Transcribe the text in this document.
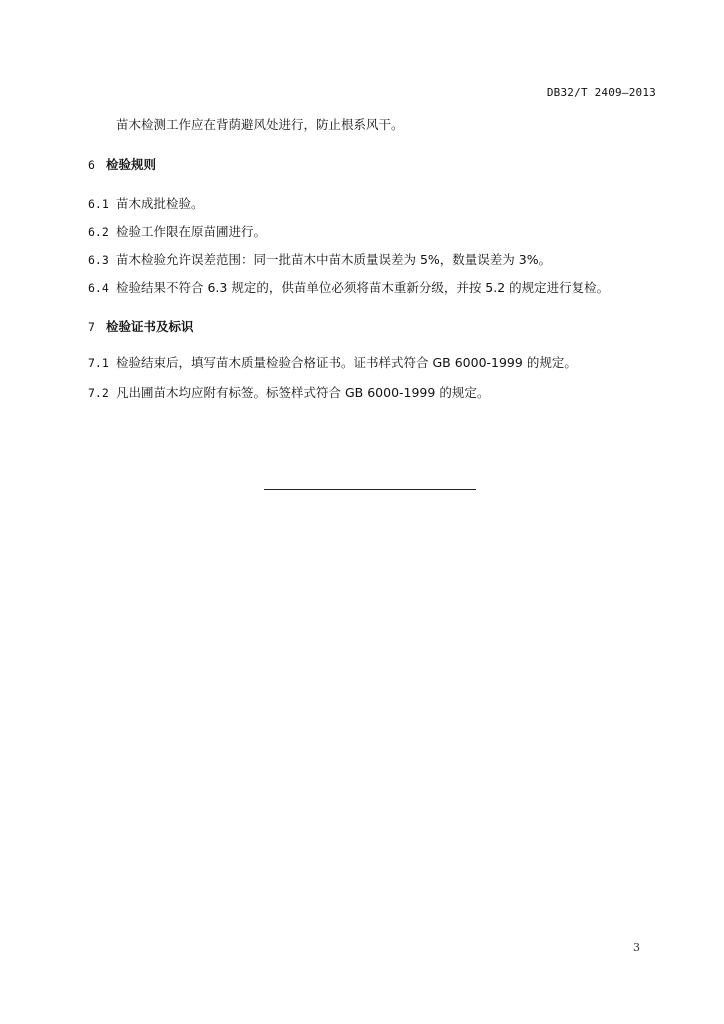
DB32/T 2409—2013
苗木检测工作应在背荫避风处进行，防止根系风干。
6 检验规则
6.1 苗木成批检验。
6.2 检验工作限在原苗圃进行。
6.3 苗木检验允许误差范围：同一批苗木中苗木质量误差为 5%，数量误差为 3%。
6.4 检验结果不符合 6.3 规定的，供苗单位必须将苗木重新分级，并按 5.2 的规定进行复检。
7 检验证书及标识
7.1 检验结束后，填写苗木质量检验合格证书。证书样式符合 GB 6000-1999 的规定。
7.2 凡出圃苗木均应附有标签。标签样式符合 GB 6000-1999 的规定。
3
